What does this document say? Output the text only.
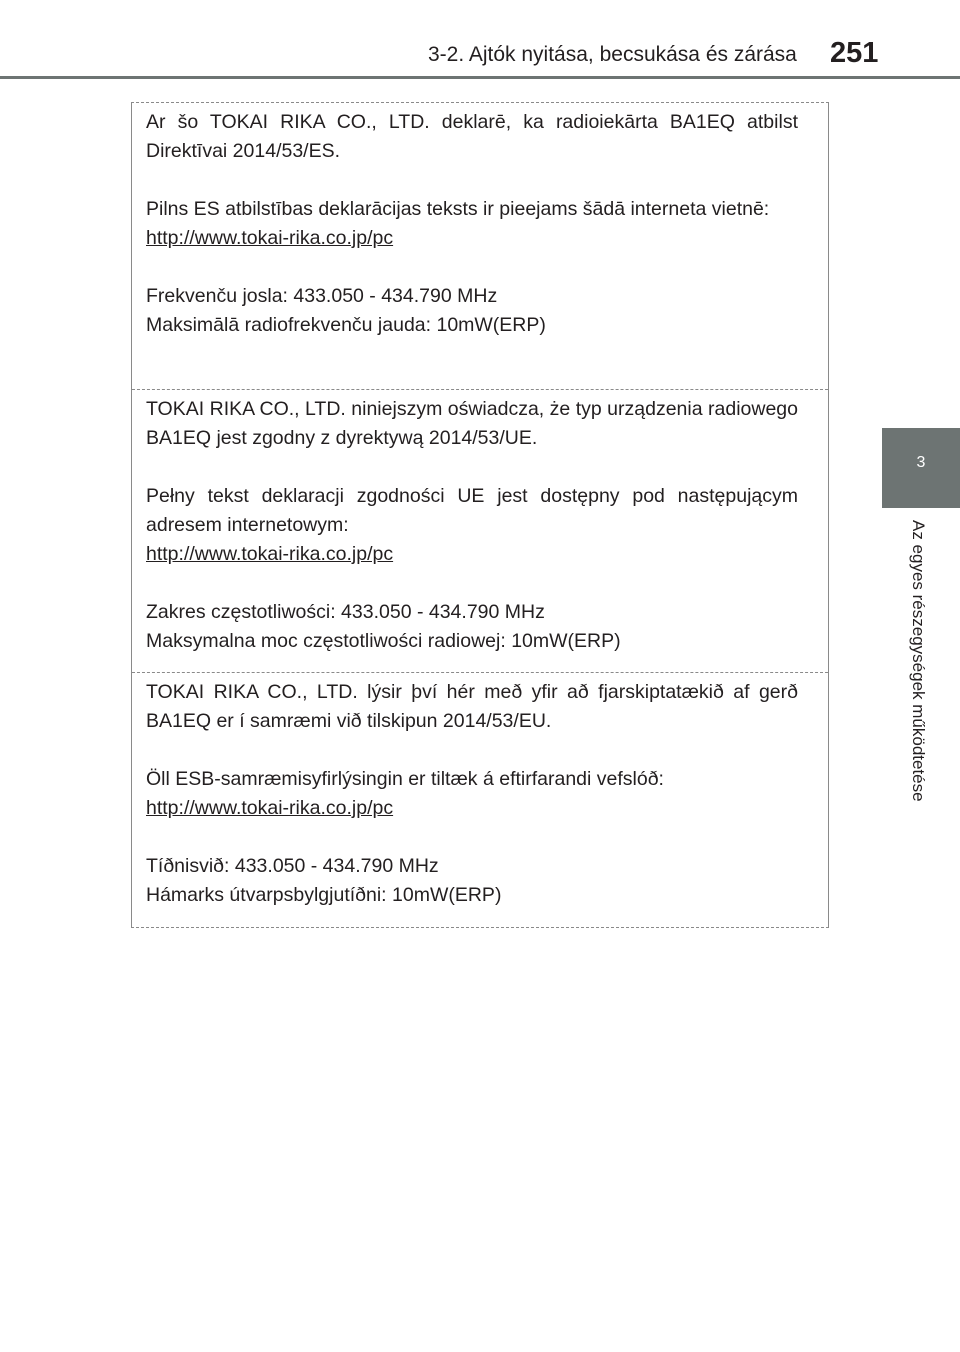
3-2. Ajtók nyitása, becsukása és zárása 251
3
Az egyes részegységek működtetése

Ar šo TOKAI RIKA CO., LTD. deklarē, ka radioiekārta BA1EQ atbilst Direktīvai 2014/53/ES.

Pilns ES atbilstības deklarācijas teksts ir pieejams šādā interneta vietnē:

http://www.tokai-rika.co.jp/pc

Frekvenču josla: 433.050 - 434.790 MHz

Maksimālā radiofrekvenču jauda: 10mW(ERP)

TOKAI RIKA CO., LTD. niniejszym oświadcza, że typ urządzenia radiowego BA1EQ jest zgodny z dyrektywą 2014/53/UE.

Pełny tekst deklaracji zgodności UE jest dostępny pod następującym adresem internetowym:

http://www.tokai-rika.co.jp/pc

Zakres częstotliwości: 433.050 - 434.790 MHz

Maksymalna moc częstotliwości radiowej: 10mW(ERP)

TOKAI RIKA CO., LTD. lýsir því hér með yfir að fjarskiptatækið af gerð BA1EQ er í samræmi við tilskipun 2014/53/EU.

Öll ESB-samræmisyfirlýsingin er tiltæk á eftirfarandi vefslóð:

http://www.tokai-rika.co.jp/pc

Tíðnisvið: 433.050 - 434.790 MHz

Hámarks útvarpsbylgjutíðni: 10mW(ERP)
